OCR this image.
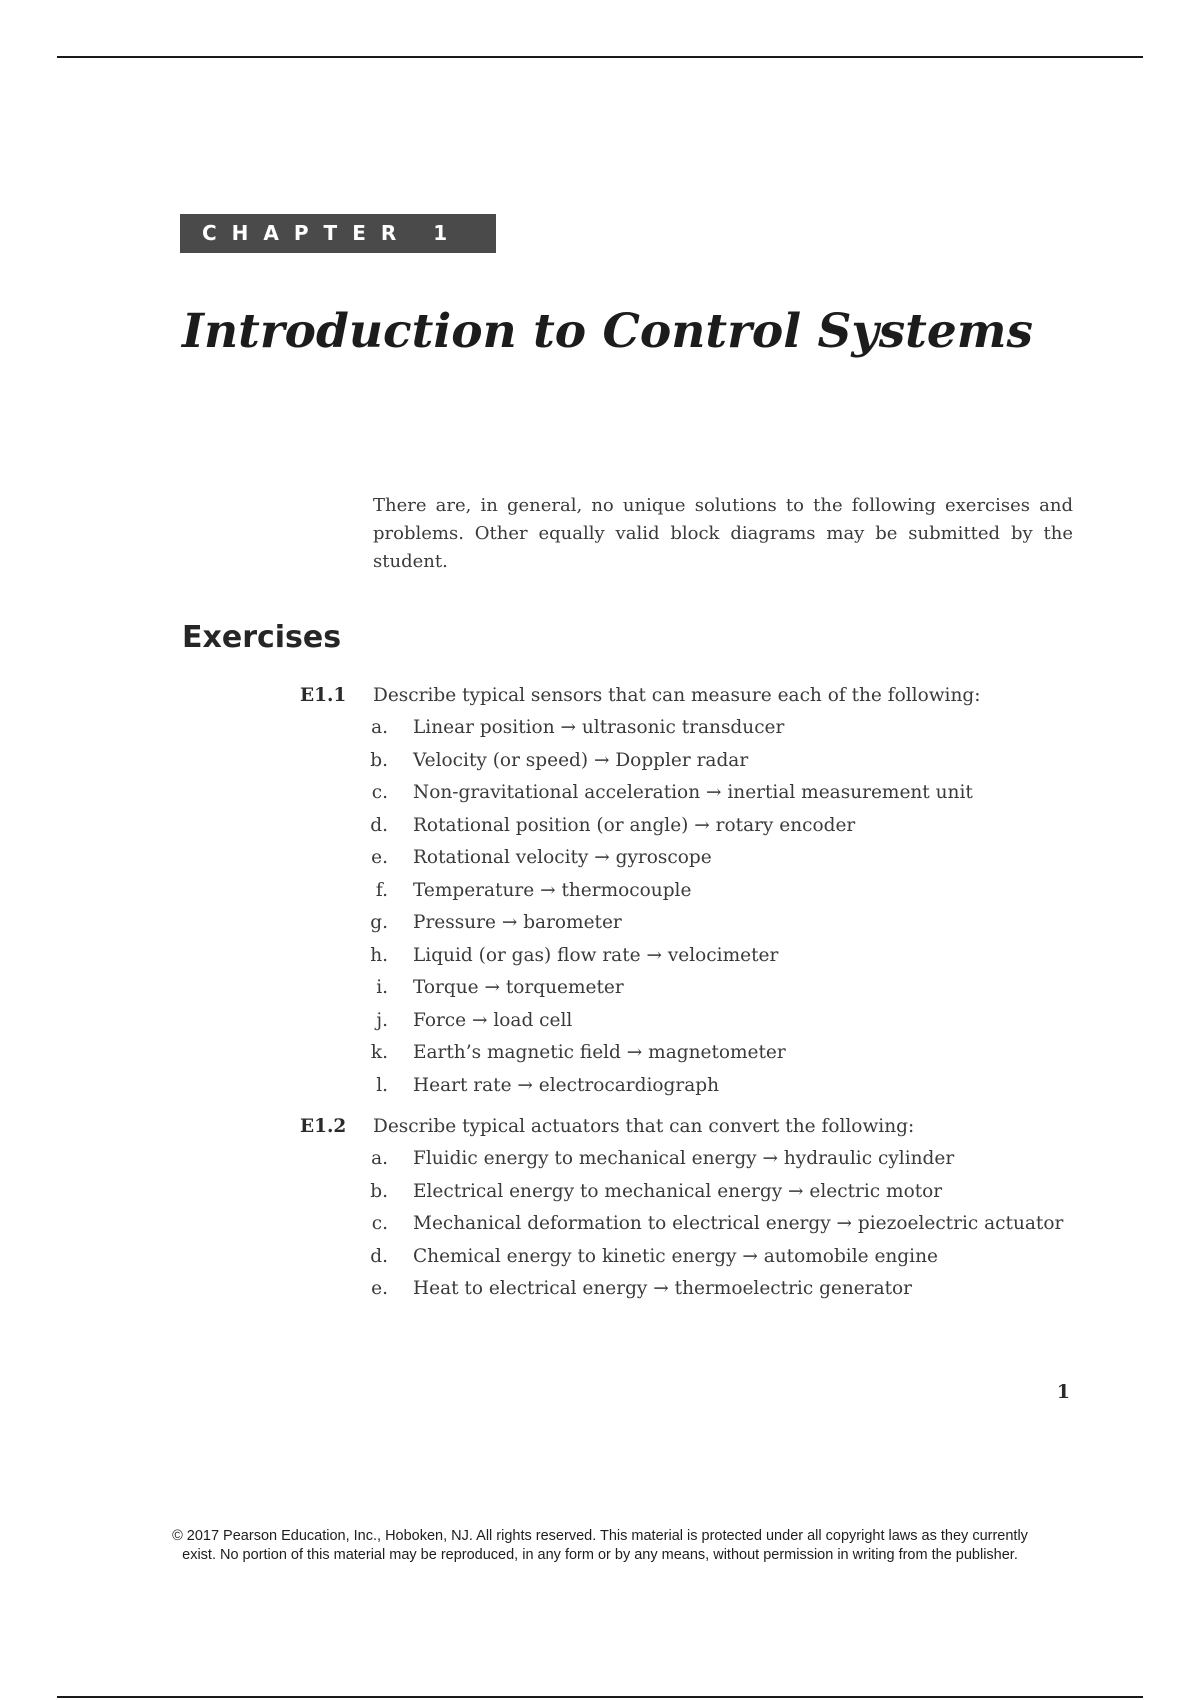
CHAPTER 1
Introduction to Control Systems

There are, in general, no unique solutions to the following exercises and problems. Other equally valid block diagrams may be submitted by the student.

Exercises
E1.1 Describe typical sensors that can measure each of the following:
a. Linear position → ultrasonic transducer
b. Velocity (or speed) → Doppler radar
c. Non-gravitational acceleration → inertial measurement unit
d. Rotational position (or angle) → rotary encoder
e. Rotational velocity → gyroscope
f. Temperature → thermocouple
g. Pressure → barometer
h. Liquid (or gas) flow rate → velocimeter
i. Torque → torquemeter
j. Force → load cell
k. Earth’s magnetic field → magnetometer
l. Heart rate → electrocardiograph
E1.2 Describe typical actuators that can convert the following:
a. Fluidic energy to mechanical energy → hydraulic cylinder
b. Electrical energy to mechanical energy → electric motor
c. Mechanical deformation to electrical energy → piezoelectric actuator
d. Chemical energy to kinetic energy → automobile engine
e. Heat to electrical energy → thermoelectric generator
1
© 2017 Pearson Education, Inc., Hoboken, NJ. All rights reserved. This material is protected under all copyright laws as they currently
exist. No portion of this material may be reproduced, in any form or by any means, without permission in writing from the publisher.
